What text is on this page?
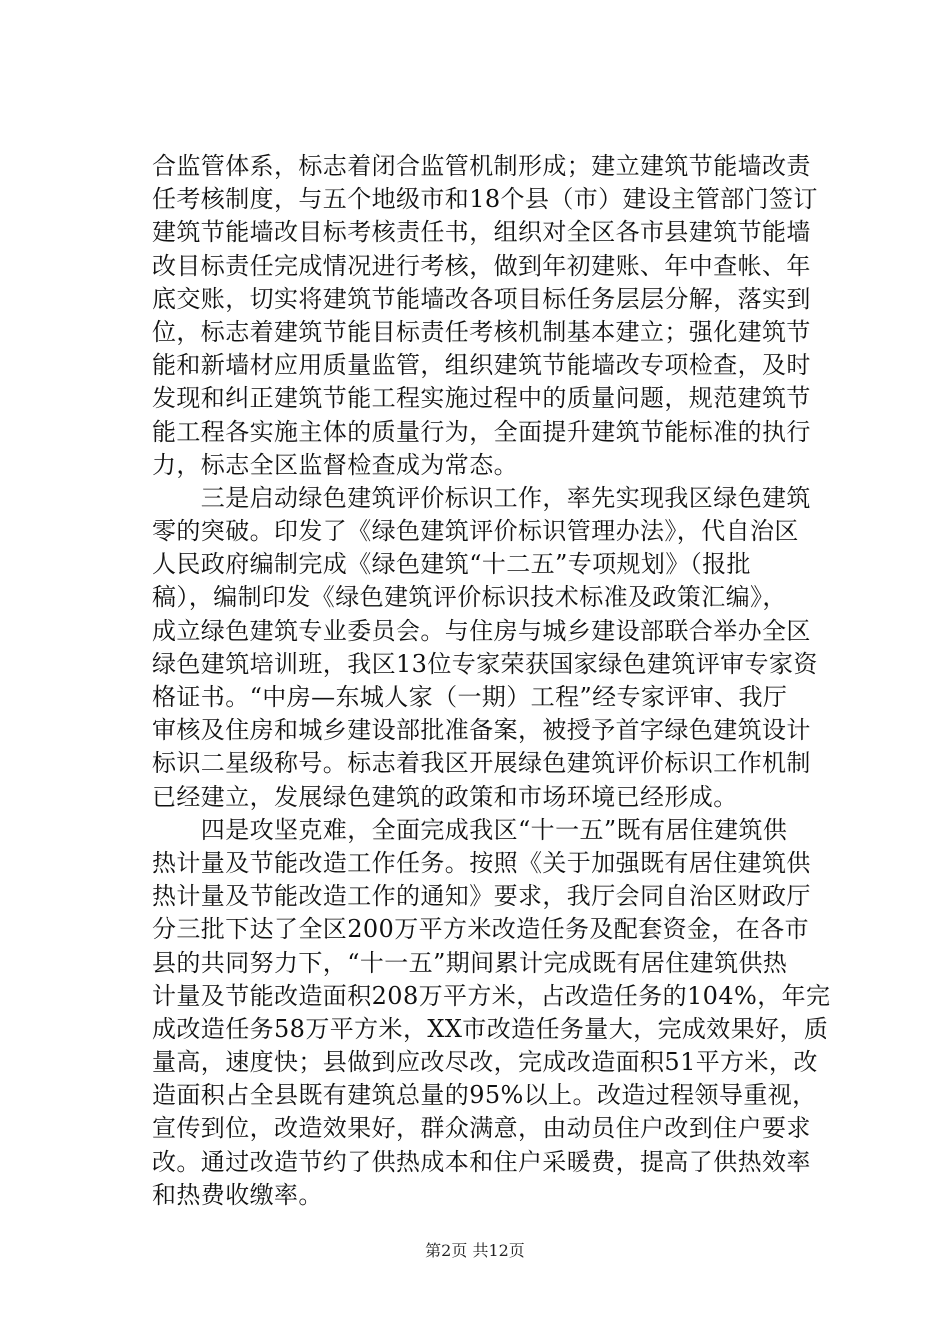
合监管体系，标志着闭合监管机制形成；建立建筑节能墙改责
任考核制度，与五个地级市和18个县（市）建设主管部门签订
建筑节能墙改目标考核责任书，组织对全区各市县建筑节能墙
改目标责任完成情况进行考核，做到年初建账、年中查帐、年
底交账，切实将建筑节能墙改各项目标任务层层分解，落实到
位，标志着建筑节能目标责任考核机制基本建立；强化建筑节
能和新墙材应用质量监管，组织建筑节能墙改专项检查，及时
发现和纠正建筑节能工程实施过程中的质量问题，规范建筑节
能工程各实施主体的质量行为，全面提升建筑节能标准的执行
力，标志全区监督检查成为常态。
　　三是启动绿色建筑评价标识工作，率先实现我区绿色建筑
零的突破。印发了《绿色建筑评价标识管理办法》，代自治区
人民政府编制完成《绿色建筑“十二五”专项规划》（报批
稿），编制印发《绿色建筑评价标识技术标准及政策汇编》，
成立绿色建筑专业委员会。与住房与城乡建设部联合举办全区
绿色建筑培训班，我区13位专家荣获国家绿色建筑评审专家资
格证书。“中房—东城人家（一期）工程”经专家评审、我厅
审核及住房和城乡建设部批准备案，被授予首字绿色建筑设计
标识二星级称号。标志着我区开展绿色建筑评价标识工作机制
已经建立，发展绿色建筑的政策和市场环境已经形成。
　　四是攻坚克难，全面完成我区“十一五”既有居住建筑供
热计量及节能改造工作任务。按照《关于加强既有居住建筑供
热计量及节能改造工作的通知》要求，我厅会同自治区财政厅
分三批下达了全区200万平方米改造任务及配套资金，在各市
县的共同努力下，“十一五”期间累计完成既有居住建筑供热
计量及节能改造面积208万平方米，占改造任务的104%，年完
成改造任务58万平方米，XX市改造任务量大，完成效果好，质
量高，速度快；县做到应改尽改，完成改造面积51平方米，改
造面积占全县既有建筑总量的95%以上。改造过程领导重视，
宣传到位，改造效果好，群众满意，由动员住户改到住户要求
改。通过改造节约了供热成本和住户采暖费，提高了供热效率
和热费收缴率。
第2页 共12页
